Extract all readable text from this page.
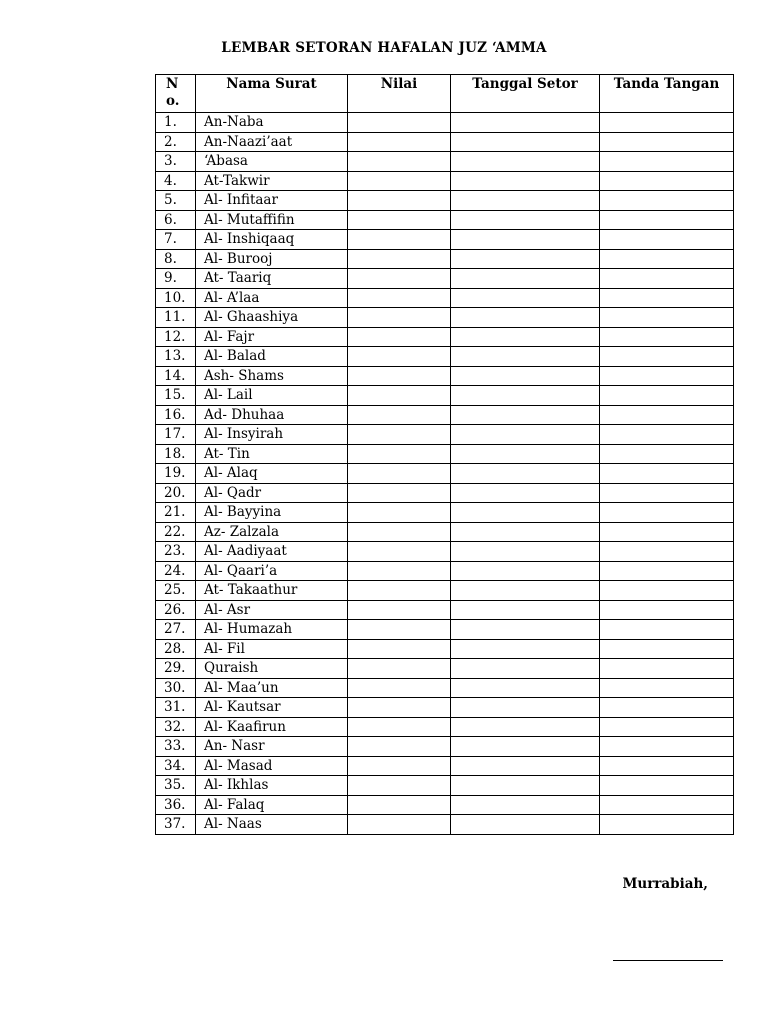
LEMBAR SETORAN HAFALAN JUZ ‘AMMA
No.	Nama Surat	Nilai	Tanggal Setor	Tanda Tangan
1.	An-Naba			
2.	An-Naazi’aat			
3.	‘Abasa			
4.	At-Takwir			
5.	Al- Infitaar			
6.	Al- Mutaffifin			
7.	Al- Inshiqaaq			
8.	Al- Burooj			
9.	At- Taariq			
10.	Al- A’laa			
11.	Al- Ghaashiya			
12.	Al- Fajr			
13.	Al- Balad			
14.	Ash- Shams			
15.	Al- Lail			
16.	Ad- Dhuhaa			
17.	Al- Insyirah			
18.	At- Tin			
19.	Al- Alaq			
20.	Al- Qadr			
21.	Al- Bayyina			
22.	Az- Zalzala			
23.	Al- Aadiyaat			
24.	Al- Qaari’a			
25.	At- Takaathur			
26.	Al- Asr			
27.	Al- Humazah			
28.	Al- Fil			
29.	Quraish			
30.	Al- Maa’un			
31.	Al- Kautsar			
32.	Al- Kaafirun			
33.	An- Nasr			
34.	Al- Masad			
35.	Al- Ikhlas			
36.	Al- Falaq			
37.	Al- Naas			
Murrabiah,
